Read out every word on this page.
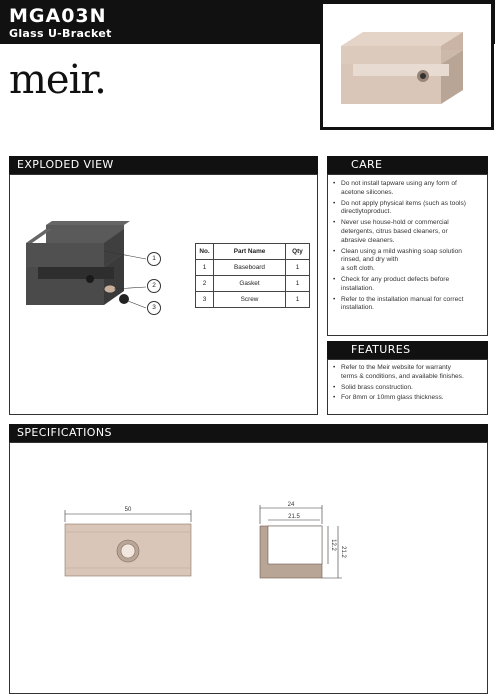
MGA03N
Glass U-Bracket
meir.
EXPLODED VIEW
1
2
3
No.	Part Name	Qty
1	Baseboard	1
2	Gasket	1
3	Screw	1
CARE
• Do not install tapware using any form of
acetone silicones.
• Do not apply physical items (such as tools)
directlytoproduct.
• Never use house-hold or commercial
detergents, citrus based cleaners, or
abrasive cleaners.
• Clean using a mild washing soap solution
rinsed, and dry with
a soft cloth.
• Check for any product defects before
installation.
• Refer to the installation manual for correct
installation.
FEATURES
• Refer to the Meir website for warranty
terms & conditions, and available finishes.
• Solid brass construction.
• For 8mm or 10mm glass thickness.
SPECIFICATIONS
50
24
21.5
12.2
21.2
